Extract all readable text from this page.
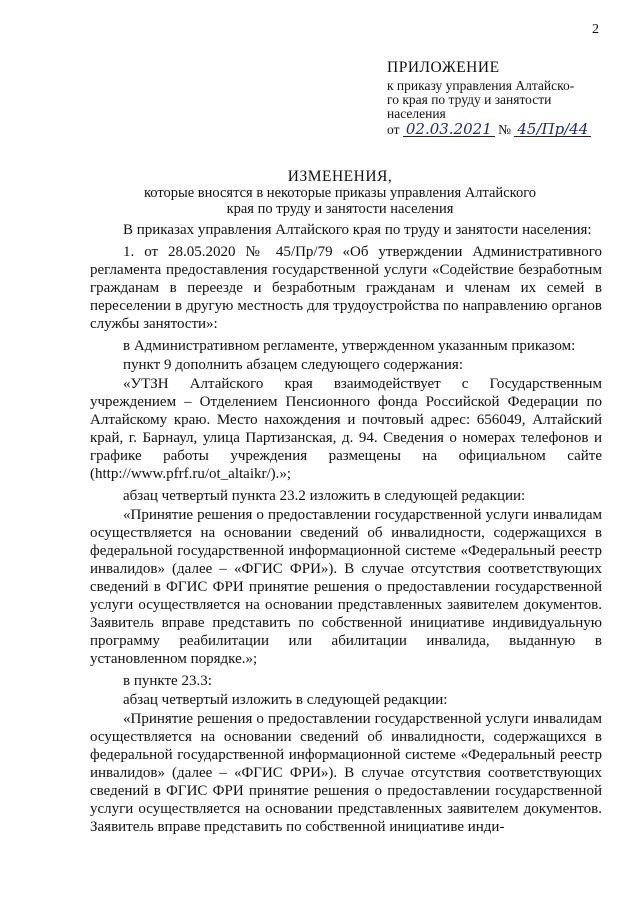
2
ПРИЛОЖЕНИЕ
к приказу управления Алтайско-
го края по труду и занятости
населения
от
02.03.2021
№
45/Пр/44
ИЗМЕНЕНИЯ,
которые вносятся в некоторые приказы управления Алтайского
края по труду и занятости населения

В приказах управления Алтайского края по труду и занятости населения:

1. от 28.05.2020 № 45/Пр/79 «Об утверждении Административного регламента предоставления государственной услуги «Содействие безработным гражданам в переезде и безработным гражданам и членам их семей в переселении в другую местность для трудоустройства по направлению органов службы занятости»:

в Административном регламенте, утвержденном указанным приказом:

пункт 9 дополнить абзацем следующего содержания:

«УТЗН Алтайского края взаимодействует с Государственным учреждением – Отделением Пенсионного фонда Российской Федерации по Алтайскому краю. Место нахождения и почтовый адрес: 656049, Алтайский край, г. Барнаул, улица Партизанская, д. 94. Сведения о номерах телефонов и графике работы учреждения размещены на официальном сайте (http://www.pfrf.ru/ot_altaikr/).»;

абзац четвертый пункта 23.2 изложить в следующей редакции:

«Принятие решения о предоставлении государственной услуги инвалидам осуществляется на основании сведений об инвалидности, содержащихся в федеральной государственной информационной системе «Федеральный реестр инвалидов» (далее – «ФГИС ФРИ»). В случае отсутствия соответствующих сведений в ФГИС ФРИ принятие решения о предоставлении государственной услуги осуществляется на основании представленных заявителем документов. Заявитель вправе представить по собственной инициативе индивидуальную программу реабилитации или абилитации инвалида, выданную в установленном порядке.»;

в пункте 23.3:

абзац четвертый изложить в следующей редакции:

«Принятие решения о предоставлении государственной услуги инвалидам осуществляется на основании сведений об инвалидности, содержащихся в федеральной государственной информационной системе «Федеральный реестр инвалидов» (далее – «ФГИС ФРИ»). В случае отсутствия соответствующих сведений в ФГИС ФРИ принятие решения о предоставлении государственной услуги осуществляется на основании представленных заявителем документов. Заявитель вправе представить по собственной инициативе инди-
